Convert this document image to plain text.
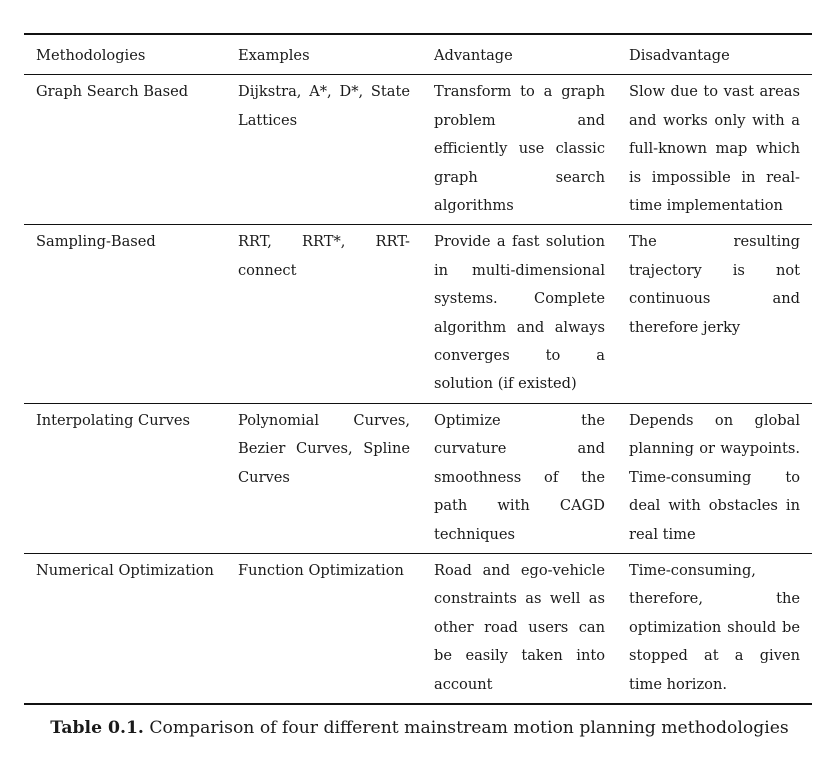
Methodologies	Examples	Advantage	Disadvantage
Graph Search Based	Dijkstra, A*, D*, State Lattices	Transform to a graph problem and efficiently use classic graph search algorithms	Slow due to vast areas and works only with a full-known map which is impossible in real-time implementation
Sampling-Based	RRT, RRT*, RRT-connect	Provide a fast solution in multi-dimensional systems. Complete algorithm and always converges to a solution (if existed)	The resulting trajectory is not continuous and therefore jerky
Interpolating Curves	Polynomial Curves, Bezier Curves, Spline Curves	Optimize the curvature and smoothness of the path with CAGD techniques	Depends on global planning or waypoints. Time-consuming to deal with obstacles in real time
Numerical Optimization	Function Optimization	Road and ego-vehicle constraints as well as other road users can be easily taken into account	Time-consuming, therefore, the optimization should be stopped at a given time horizon.
Table 0.1. Comparison of four different mainstream motion planning methodologies
